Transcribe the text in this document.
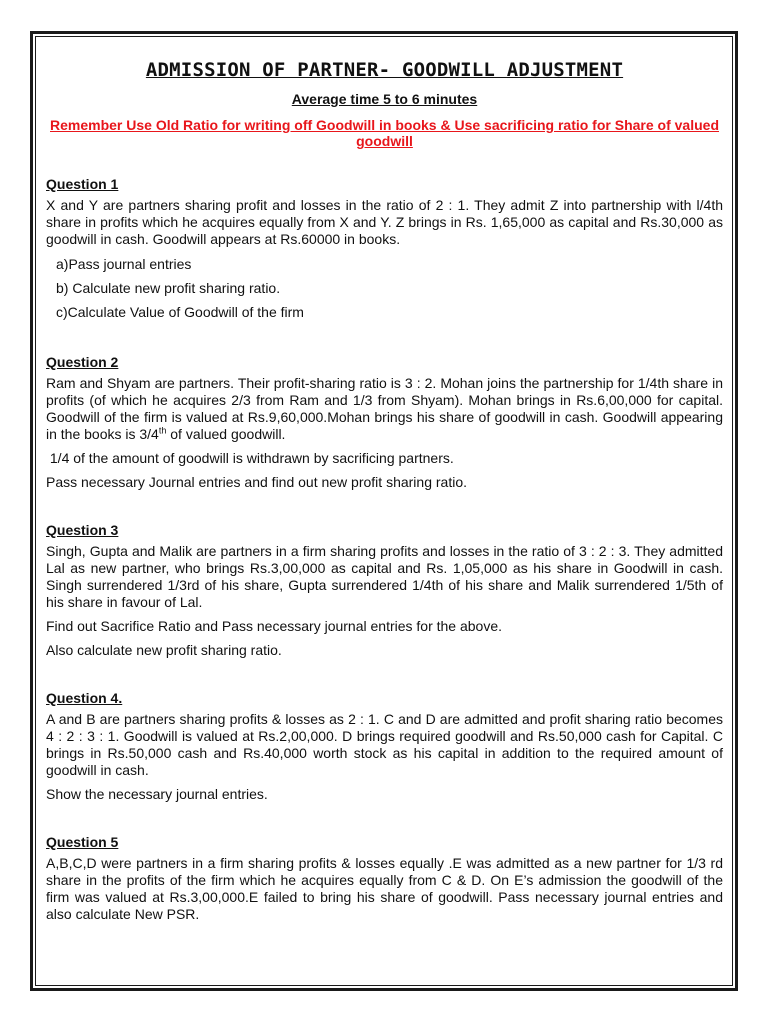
ADMISSION OF PARTNER- GOODWILL ADJUSTMENT

Average time 5 to 6 minutes

Remember Use Old Ratio for writing off Goodwill in books & Use sacrificing ratio for Share of valued goodwill

Question 1

X and Y are partners sharing profit and losses in the ratio of 2 : 1. They admit Z into partnership with l/4th share in profits which he acquires equally from X and Y. Z brings in Rs. 1,65,000 as capital and Rs.30,000 as goodwill in cash. Goodwill appears at Rs.60000 in books.

a)Pass journal entries

b) Calculate new profit sharing ratio.

c)Calculate Value of Goodwill of the firm

Question 2

Ram and Shyam are partners. Their profit-sharing ratio is 3 : 2. Mohan joins the partnership for 1/4th share in profits (of which he acquires 2/3 from Ram and 1/3 from Shyam). Mohan brings in Rs.6,00,000 for capital. Goodwill of the firm is valued at Rs.9,60,000.Mohan brings his share of goodwill in cash. Goodwill appearing in the books is 3/4th of valued goodwill.

1/4 of the amount of goodwill is withdrawn by sacrificing partners.

Pass necessary Journal entries and find out new profit sharing ratio.

Question 3

Singh, Gupta and Malik are partners in a firm sharing profits and losses in the ratio of 3 : 2 : 3. They admitted Lal as new partner, who brings Rs.3,00,000 as capital and Rs. 1,05,000 as his share in Goodwill in cash. Singh surrendered 1/3rd of his share, Gupta surrendered 1/4th of his share and Malik surrendered 1/5th of his share in favour of Lal.

Find out Sacrifice Ratio and Pass necessary journal entries for the above.

Also calculate new profit sharing ratio.

Question 4.

A and B are partners sharing profits & losses as 2 : 1. C and D are admitted and profit sharing ratio becomes 4 : 2 : 3 : 1. Goodwill is valued at Rs.2,00,000. D brings required goodwill and Rs.50,000 cash for Capital. C brings in Rs.50,000 cash and Rs.40,000 worth stock as his capital in addition to the required amount of goodwill in cash.

Show the necessary journal entries.

Question 5

A,B,C,D were partners in a firm sharing profits & losses equally .E was admitted as a new partner for 1/3 rd share in the profits of the firm which he acquires equally from C & D. On E’s admission the goodwill of the firm was valued at Rs.3,00,000.E failed to bring his share of goodwill. Pass necessary journal entries and also calculate New PSR.
